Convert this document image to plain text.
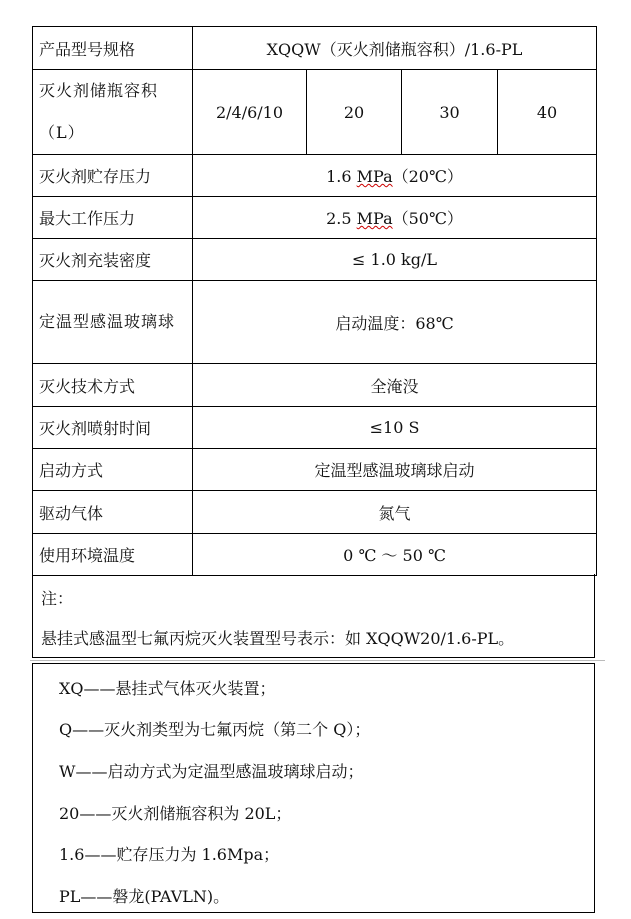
产品型号规格	XQQW（灭火剂储瓶容积）/1.6-PL			
灭火剂储瓶容积（L）	2/4/6/10	20	30	40
灭火剂贮存压力	1.6 MPa（20℃）			
最大工作压力	2.5 MPa（50℃）			
灭火剂充装密度	≤ 1.0 kg/L			
定温型感温玻璃球	启动温度：68℃			
灭火技术方式	全淹没			
灭火剂喷射时间	≤10 S			
启动方式	定温型感温玻璃球启动			
驱动气体	氮气			
使用环境温度	0 ℃ ～ 50 ℃			
注：
悬挂式感温型七氟丙烷灭火装置型号表示：如 XQQW20/1.6-PL。
XQ——悬挂式气体灭火装置；
Q——灭火剂类型为七氟丙烷（第二个 Q）；
W——启动方式为定温型感温玻璃球启动；
20——灭火剂储瓶容积为 20L；
1.6——贮存压力为 1.6Mpa；
PL——磐龙(PAVLN)。
